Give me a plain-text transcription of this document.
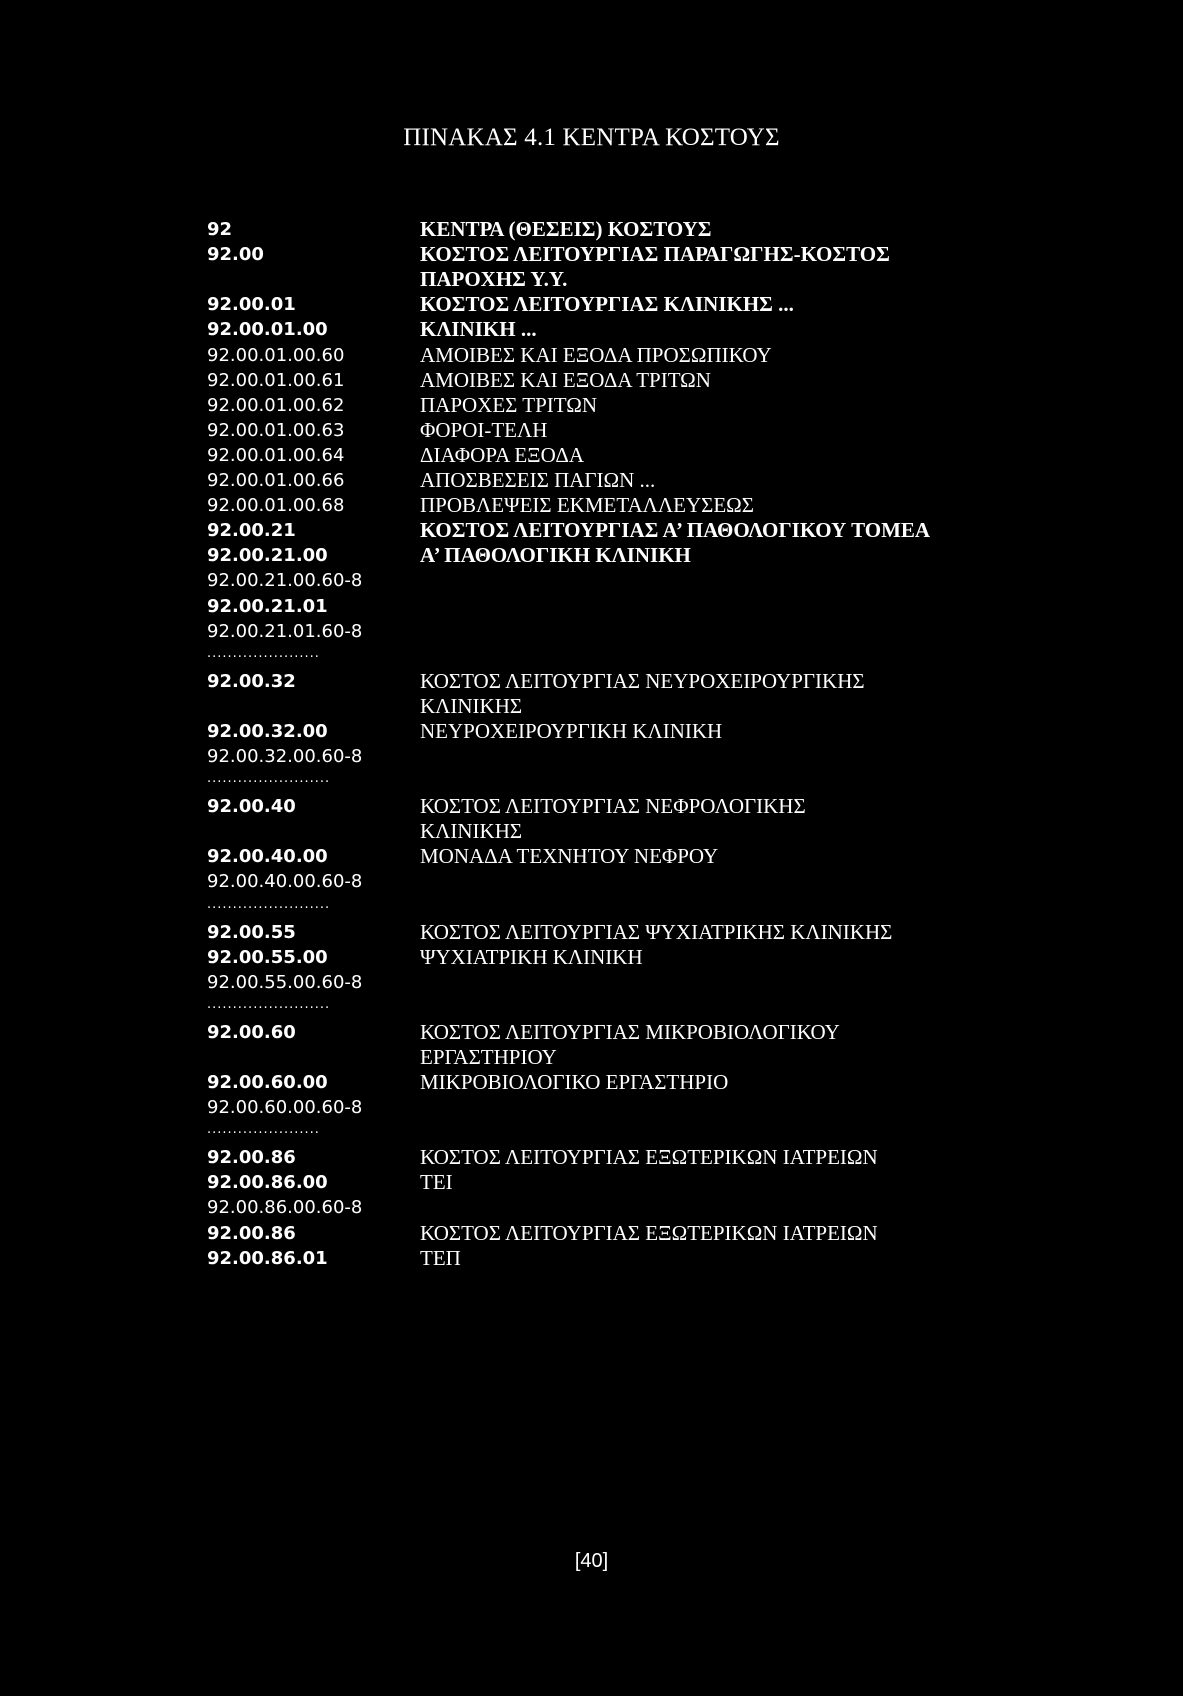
ΠΙΝΑΚΑΣ 4.1 ΚΕΝΤΡΑ ΚΟΣΤΟΥΣ
92	ΚΕΝΤΡΑ (ΘΕΣΕΙΣ) ΚΟΣΤΟΥΣ
92.00	ΚΟΣΤΟΣ ΛΕΙΤΟΥΡΓΙΑΣ ΠΑΡΑΓΩΓΗΣ-ΚΟΣΤΟΣ
ΠΑΡΟΧΗΣ Υ.Υ.
92.00.01	ΚΟΣΤΟΣ ΛΕΙΤΟΥΡΓΙΑΣ ΚΛΙΝΙΚΗΣ ...
92.00.01.00	ΚΛΙΝΙΚΗ ...
92.00.01.00.60	ΑΜΟΙΒΕΣ ΚΑΙ ΕΞΟΔΑ ΠΡΟΣΩΠΙΚΟΥ
92.00.01.00.61	ΑΜΟΙΒΕΣ ΚΑΙ ΕΞΟΔΑ ΤΡΙΤΩΝ
92.00.01.00.62	ΠΑΡΟΧΕΣ ΤΡΙΤΩΝ
92.00.01.00.63	ΦΟΡΟΙ-ΤΕΛΗ
92.00.01.00.64	ΔΙΑΦΟΡΑ ΕΞΟΔΑ
92.00.01.00.66	ΑΠΟΣΒΕΣΕΙΣ ΠΑΓΙΩΝ ...
92.00.01.00.68	ΠΡΟΒΛΕΨΕΙΣ ΕΚΜΕΤΑΛΛΕΥΣΕΩΣ
92.00.21	ΚΟΣΤΟΣ ΛΕΙΤΟΥΡΓΙΑΣ Α’ ΠΑΘΟΛΟΓΙΚΟΥ ΤΟΜΕΑ
92.00.21.00	Α’ ΠΑΘΟΛΟΓΙΚΗ ΚΛΙΝΙΚΗ
92.00.21.00.60-8
92.00.21.01
92.00.21.01.60-8
......................
92.00.32	ΚΟΣΤΟΣ ΛΕΙΤΟΥΡΓΙΑΣ ΝΕΥΡΟΧΕΙΡΟΥΡΓΙΚΗΣ
ΚΛΙΝΙΚΗΣ
92.00.32.00	ΝΕΥΡΟΧΕΙΡΟΥΡΓΙΚΗ ΚΛΙΝΙΚΗ
92.00.32.00.60-8
........................
92.00.40	ΚΟΣΤΟΣ ΛΕΙΤΟΥΡΓΙΑΣ ΝΕΦΡΟΛΟΓΙΚΗΣ
ΚΛΙΝΙΚΗΣ
92.00.40.00	ΜΟΝΑΔΑ ΤΕΧΝΗΤΟΥ ΝΕΦΡΟΥ
92.00.40.00.60-8
........................
92.00.55	ΚΟΣΤΟΣ ΛΕΙΤΟΥΡΓΙΑΣ ΨΥΧΙΑΤΡΙΚΗΣ ΚΛΙΝΙΚΗΣ
92.00.55.00	ΨΥΧΙΑΤΡΙΚΗ ΚΛΙΝΙΚΗ
92.00.55.00.60-8
........................
92.00.60	ΚΟΣΤΟΣ ΛΕΙΤΟΥΡΓΙΑΣ ΜΙΚΡΟΒΙΟΛΟΓΙΚΟΥ
ΕΡΓΑΣΤΗΡΙΟΥ
92.00.60.00	ΜΙΚΡΟΒΙΟΛΟΓΙΚΟ ΕΡΓΑΣΤΗΡΙΟ
92.00.60.00.60-8
......................
92.00.86	ΚΟΣΤΟΣ ΛΕΙΤΟΥΡΓΙΑΣ ΕΞΩΤΕΡΙΚΩΝ ΙΑΤΡΕΙΩΝ
92.00.86.00	ΤΕΙ
92.00.86.00.60-8
92.00.86	ΚΟΣΤΟΣ ΛΕΙΤΟΥΡΓΙΑΣ ΕΞΩΤΕΡΙΚΩΝ ΙΑΤΡΕΙΩΝ
92.00.86.01	ΤΕΠ
[40]
